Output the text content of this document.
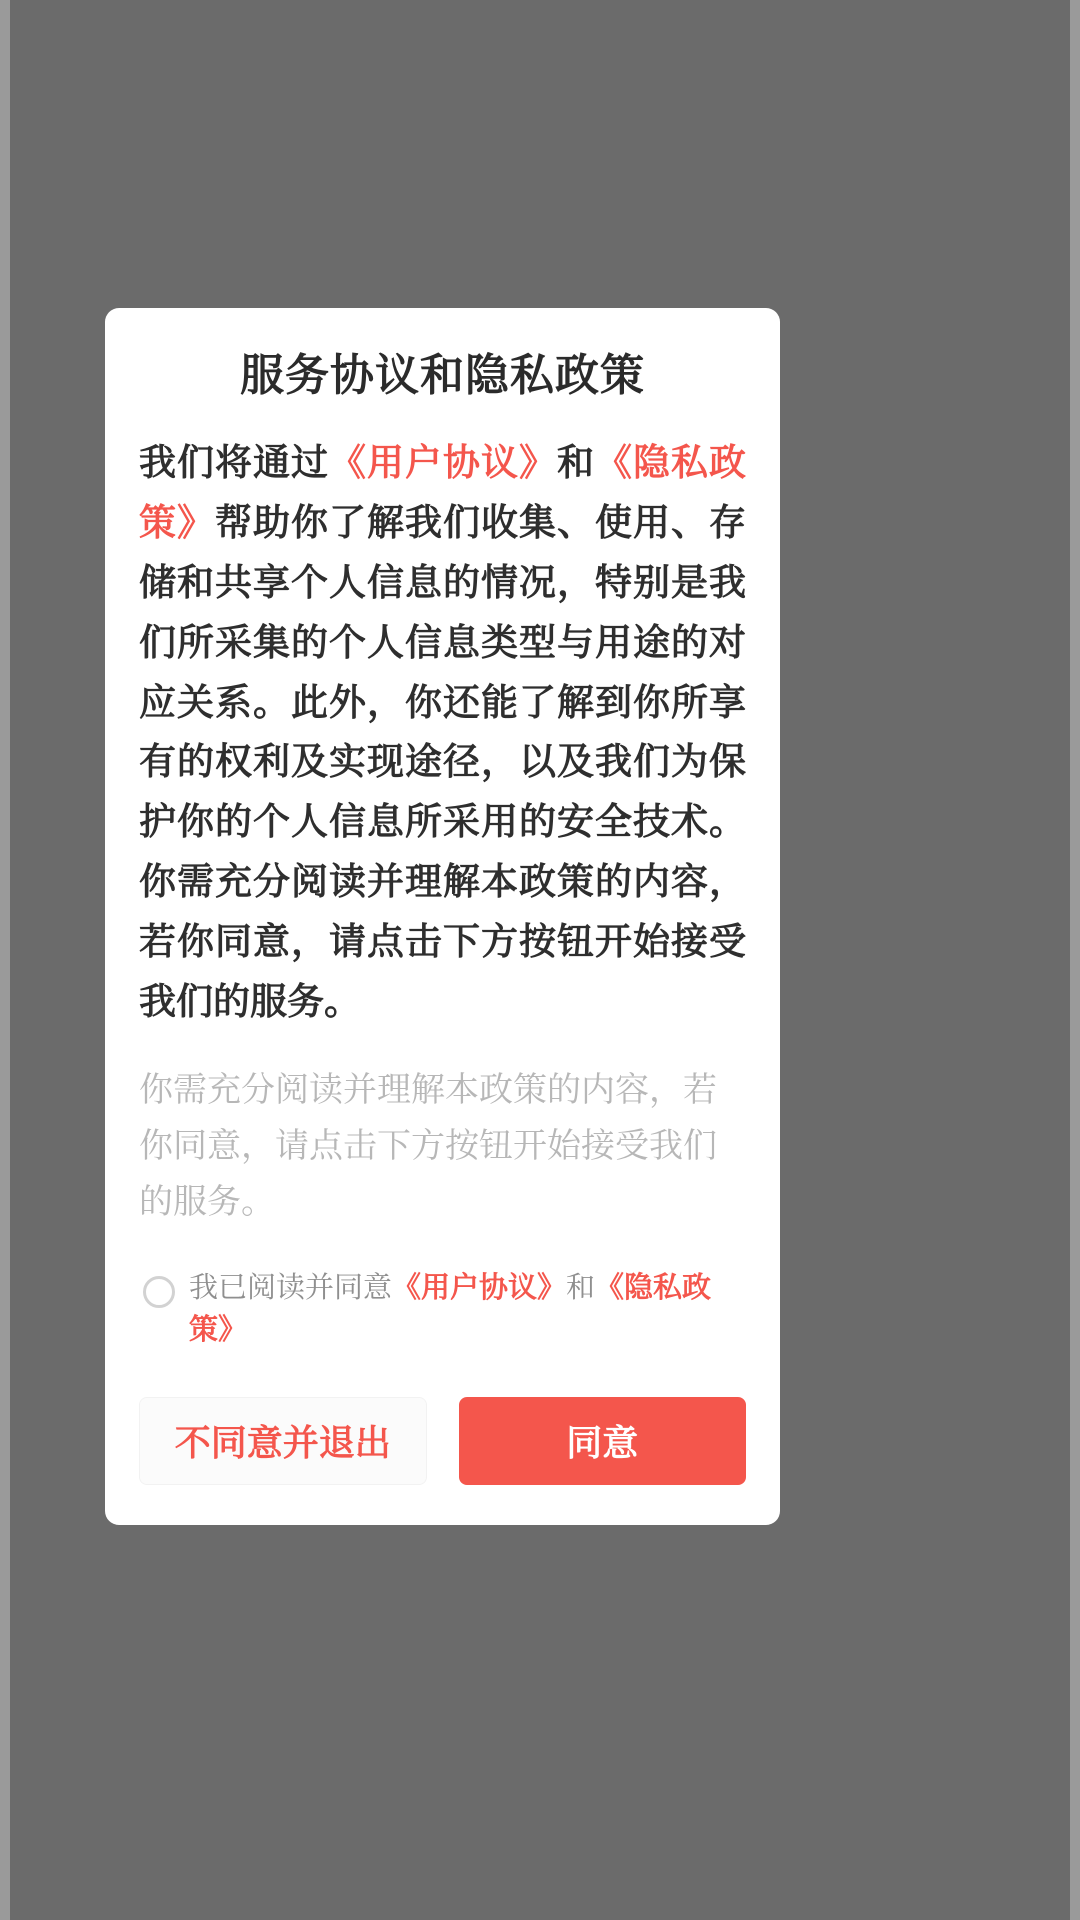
服务协议和隐私政策

我们将通过《用户协议》和《隐私政策》帮助你了解我们收集、使用、存储和共享个人信息的情况，特别是我们所采集的个人信息类型与用途的对应关系。此外，你还能了解到你所享有的权利及实现途径，以及我们为保护你的个人信息所采用的安全技术。你需充分阅读并理解本政策的内容，若你同意，请点击下方按钮开始接受我们的服务。

你需充分阅读并理解本政策的内容，若你同意，请点击下方按钮开始接受我们的服务。

我已阅读并同意《用户协议》和《隐私政策》
不同意并退出	同意
